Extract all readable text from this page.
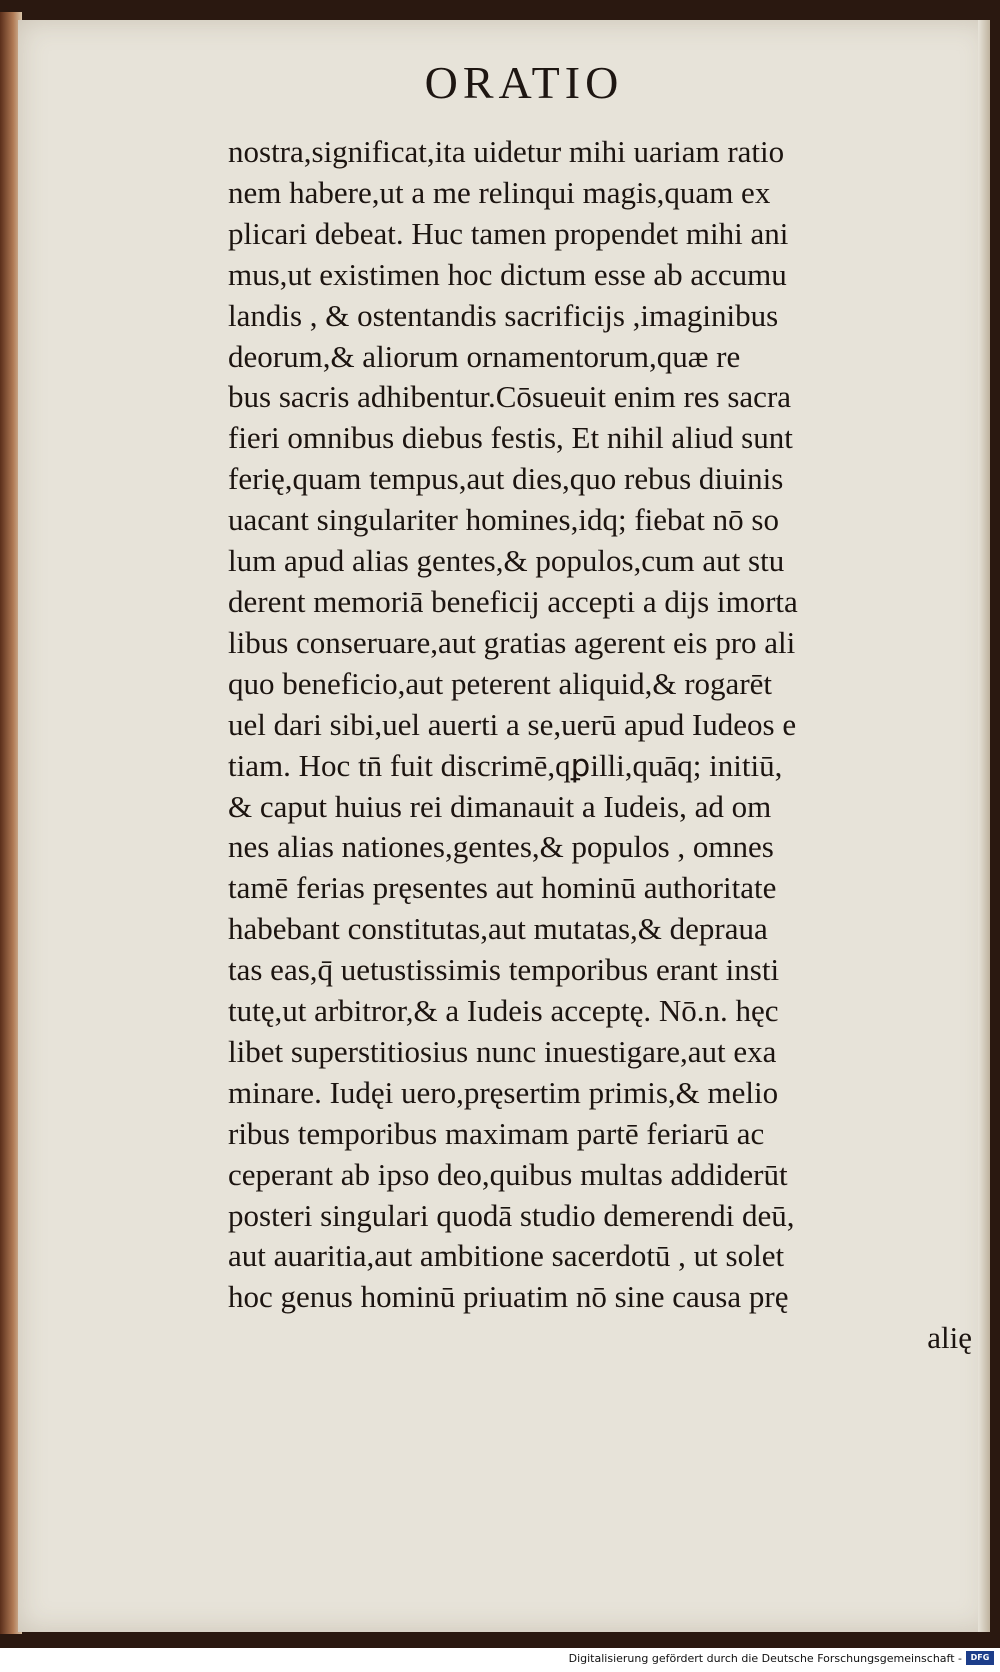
ORATIO
nostra,significat,ita uidetur mihi uariam ratio
nem habere,ut a me relinqui magis,quam ex
plicari debeat. Huc tamen propendet mihi ani
mus,ut existimen hoc dictum esse ab accumu
landis , & ostentandis sacrificijs ,imaginibus
deorum,& aliorum ornamentorum,quæ re
bus sacris adhibentur.Cōsueuit enim res sacra
fieri omnibus diebus festis, Et nihil aliud sunt
ferię,quam tempus,aut dies,quo rebus diuinis
uacant singulariter homines,idq; fiebat nō so
lum apud alias gentes,& populos,cum aut stu
derent memoriā beneficij accepti a dijs imorta
libus conseruare,aut gratias agerent eis pro ali
quo beneficio,aut peterent aliquid,& rogarēt
uel dari sibi,uel auerti a se,uerū apud Iudeos e
tiam. Hoc tn̄ fuit discrimē,qꝑilli,quāq; initiū,
& caput huius rei dimanauit a Iudeis, ad om
nes alias nationes,gentes,& populos , omnes
tamē ferias pręsentes aut hominū authoritate
habebant constitutas,aut mutatas,& deprauа
tas eas,q̄ uetustissimis temporibus erant insti
tutę,ut arbitror,& a Iudeis acceptę. Nō.n. hęc
libet superstitiosius nunc inuestigare,aut exa
minare. Iudęi uero,pręsertim primis,& melio
ribus temporibus maximam partē feriarū ac
ceperant ab ipso deo,quibus multas addiderūt
posteri singulari quodā studio demerendi deū,
aut auaritia,aut ambitione sacerdotū , ut solet
hoc genus hominū priuatim nō sine causa prę
alię
Digitalisierung gefördert durch die Deutsche Forschungsgemeinschaft -	DFG
